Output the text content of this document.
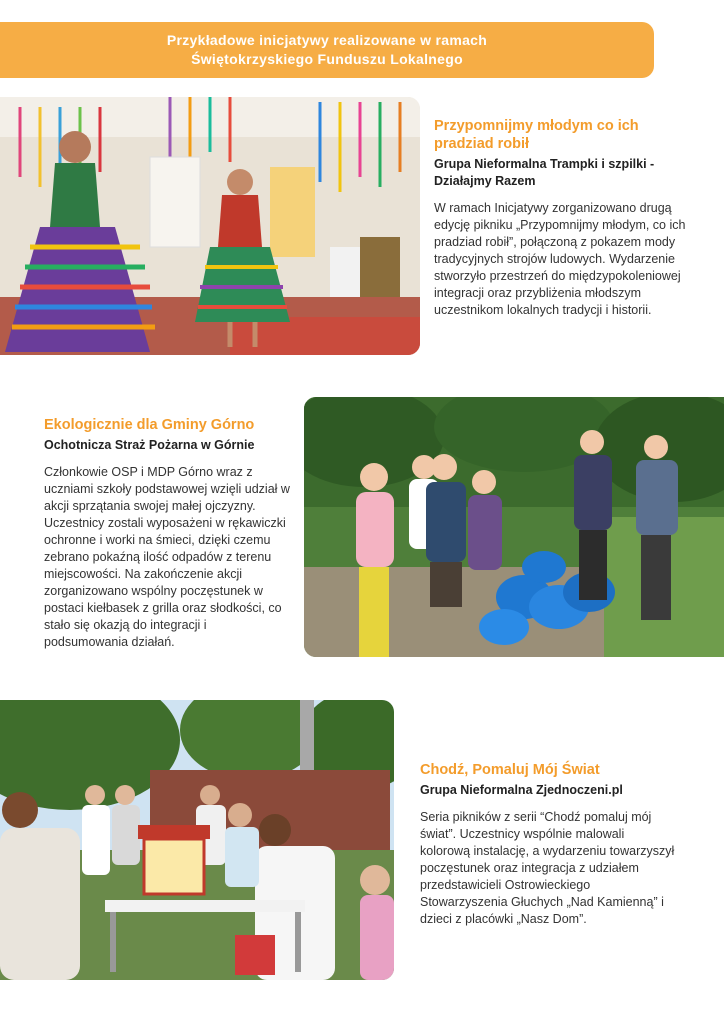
Przykładowe inicjatywy realizowane w ramach
Świętokrzyskiego Funduszu Lokalnego

Przypomnijmy młodym co ich pradziad robił

Grupa Nieformalna Trampki i szpilki - Działajmy Razem

W ramach Inicjatywy zorganizowano drugą edycję pikniku „Przypomnijmy młodym, co ich pradziad robił”, połączoną z pokazem mody tradycyjnych strojów ludowych. Wydarzenie stworzyło przestrzeń do międzypokoleniowej integracji oraz przybliżenia młodszym uczestnikom lokalnych tradycji i historii.

Ekologicznie dla Gminy Górno

Ochotnicza Straż Pożarna w Górnie

Członkowie OSP i MDP Górno wraz z uczniami szkoły podstawowej wzięli udział w akcji sprzątania swojej małej ojczyzny. Uczestnicy zostali wyposażeni w rękawiczki ochronne i worki na śmieci, dzięki czemu zebrano pokaźną ilość odpadów z terenu miejscowości. Na zakończenie akcji zorganizowano wspólny poczęstunek w postaci kiełbasek z grilla oraz słodkości, co stało się okazją do integracji i podsumowania działań.

Chodź, Pomaluj Mój Świat

Grupa Nieformalna Zjednoczeni.pl

Seria pikników z serii “Chodź pomaluj mój świat”. Uczestnicy wspólnie malowali kolorową instalację, a wydarzeniu towarzyszył poczęstunek oraz integracja z udziałem przedstawicieli Ostrowieckiego Stowarzyszenia Głuchych „Nad Kamienną” i dzieci z placówki „Nasz Dom”.
